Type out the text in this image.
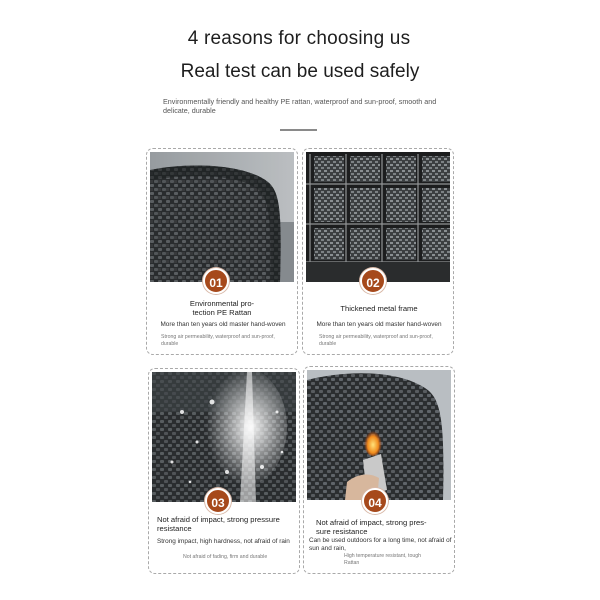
4 reasons for choosing us
Real test can be used safely
Environmentally friendly and healthy PE rattan, waterproof and sun-proof, smooth and delicate, durable
01
Environmental pro-
tection PE Rattan
More than ten years old master hand-woven
Strong air permeability, waterproof and sun-proof, durable
02
Thickened metal frame
More than ten years old master hand-woven
Strong air permeability, waterproof and sun-proof, durable
03
Not afraid of impact, strong pressure resistance
Strong impact, high hardness, not afraid of rain
Not afraid of fading, firm and durable
04
Not afraid of impact, strong pres-
sure resistance
Can be used outdoors for a long time, not afraid of sun and rain,
High temperature resistant, tough Rattan
